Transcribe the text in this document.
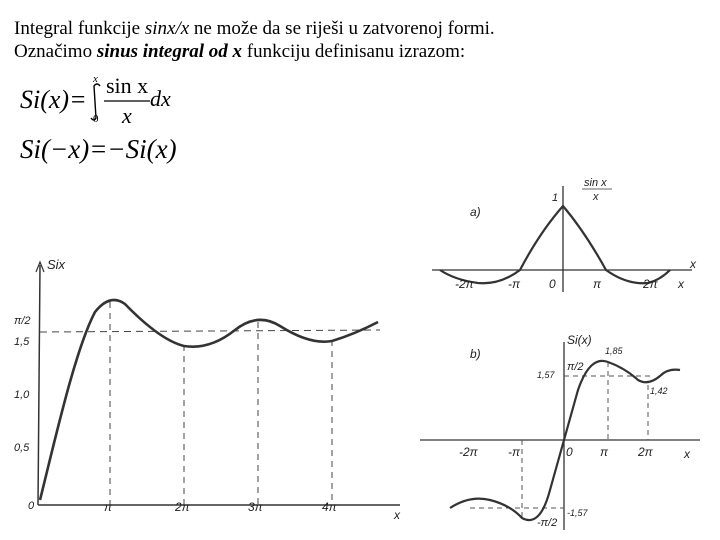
Integral funkcije sinx/x ne može da se riješi u zatvorenoj formi.
Označimo sinus integral od x funkciju definisanu izrazom:
Si(x)=
x
0
sin x
x
dx
Si(−x)=−Si(x)
Six
x
π/2
1,5
1,0
0,5
0	π	2π	3π	4π
a)
sin x
x
1
x
x
-2π	-π 0	π	2π
b)
Si(x)
π/2
1,57
1,85
1,42
-π/2
-1,57
x
-2π	-π	0 π 2π
